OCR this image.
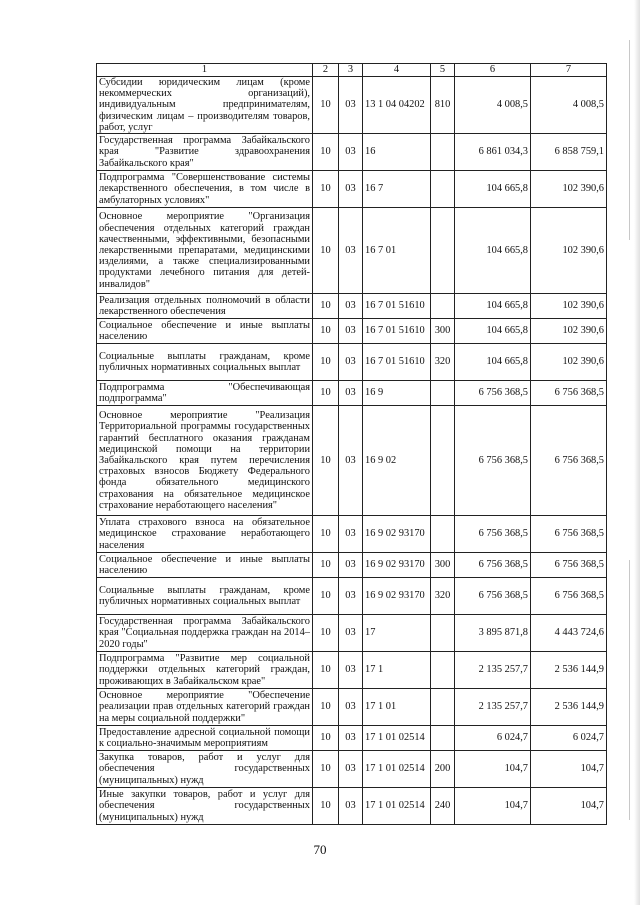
1	2	3	4	5	6	7
Субсидии юридическим лицам (кроме некоммерческих организаций), индивидуальным предпринимателям, физическим лицам – производителям товаров, работ, услуг	10	03	13 1 04 04202	810	4 008,5	4 008,5
Государственная программа Забайкальского края "Развитие здравоохранения Забайкальского края"	10	03	16		6 861 034,3	6 858 759,1
Подпрограмма "Совершенствование системы лекарственного обеспечения, в том числе в амбулаторных условиях"	10	03	16 7		104 665,8	102 390,6
Основное мероприятие "Организация обеспечения отдельных категорий граждан качественными, эффективными, безопасными лекарственными препаратами, медицинскими изделиями, а также специализированными продуктами лечебного питания для детей-инвалидов"	10	03	16 7 01		104 665,8	102 390,6
Реализация отдельных полномочий в области лекарственного обеспечения	10	03	16 7 01 51610		104 665,8	102 390,6
Социальное обеспечение и иные выплаты населению	10	03	16 7 01 51610	300	104 665,8	102 390,6
Социальные выплаты гражданам, кроме публичных нормативных социальных выплат	10	03	16 7 01 51610	320	104 665,8	102 390,6
Подпрограмма "Обеспечивающая подпрограмма"	10	03	16 9		6 756 368,5	6 756 368,5
Основное мероприятие "Реализация Территориальной программы государственных гарантий бесплатного оказания гражданам медицинской помощи на территории Забайкальского края путем перечисления страховых взносов Бюджету Федерального фонда обязательного медицинского страхования на обязательное медицинское страхование неработающего населения"	10	03	16 9 02		6 756 368,5	6 756 368,5
Уплата страхового взноса на обязательное медицинское страхование неработающего населения	10	03	16 9 02 93170		6 756 368,5	6 756 368,5
Социальное обеспечение и иные выплаты населению	10	03	16 9 02 93170	300	6 756 368,5	6 756 368,5
Социальные выплаты гражданам, кроме публичных нормативных социальных выплат	10	03	16 9 02 93170	320	6 756 368,5	6 756 368,5
Государственная программа Забайкальского края "Социальная поддержка граждан на 2014–2020 годы"	10	03	17		3 895 871,8	4 443 724,6
Подпрограмма "Развитие мер социальной поддержки отдельных категорий граждан, проживающих в Забайкальском крае"	10	03	17 1		2 135 257,7	2 536 144,9
Основное мероприятие "Обеспечение реализации прав отдельных категорий граждан на меры социальной поддержки"	10	03	17 1 01		2 135 257,7	2 536 144,9
Предоставление адресной социальной помощи к социально-значимым мероприятиям	10	03	17 1 01 02514		6 024,7	6 024,7
Закупка товаров, работ и услуг для обеспечения государственных (муниципальных) нужд	10	03	17 1 01 02514	200	104,7	104,7
Иные закупки товаров, работ и услуг для обеспечения государственных (муниципальных) нужд	10	03	17 1 01 02514	240	104,7	104,7
70
